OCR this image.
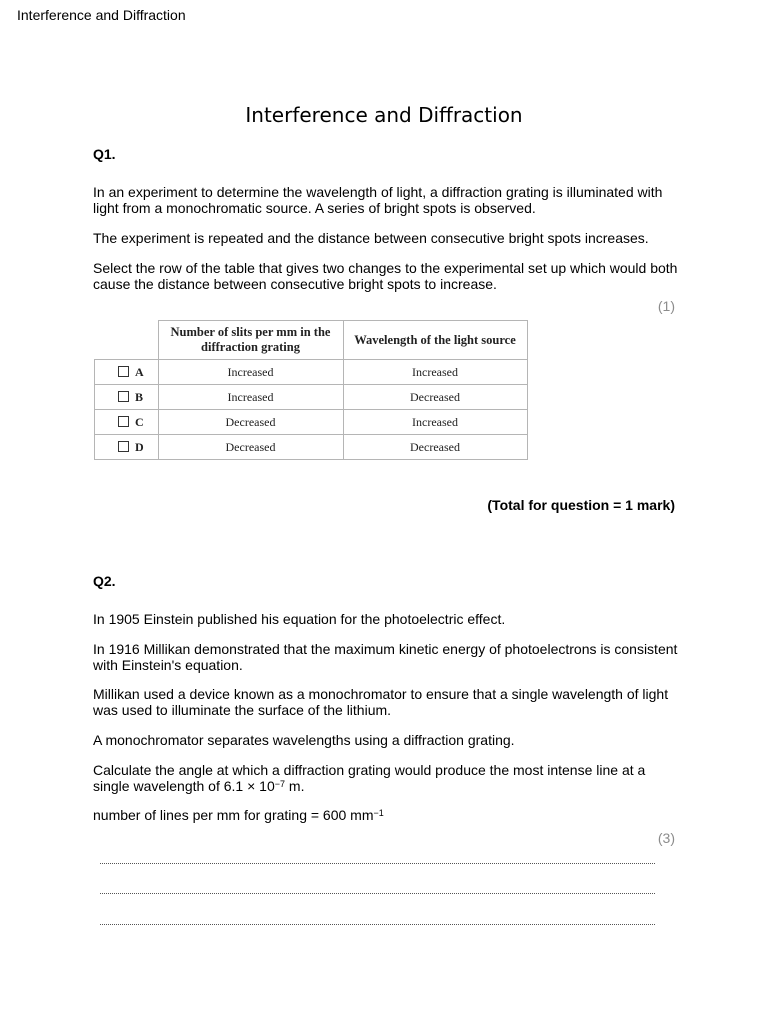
Interference and Diffraction
Interference and Diffraction
Q1.

In an experiment to determine the wavelength of light, a diffraction grating is illuminated with light from a monochromatic source. A series of bright spots is observed.

The experiment is repeated and the distance between consecutive bright spots increases.

Select the row of the table that gives two changes to the experimental set up which would both cause the distance between consecutive bright spots to increase.

(1)
	Number of slits per mm in the diffraction grating	Wavelength of the light source
A	Increased	Increased
B	Increased	Decreased
C	Decreased	Increased
D	Decreased	Decreased
(Total for question = 1 mark)
Q2.

In 1905 Einstein published his equation for the photoelectric effect.

In 1916 Millikan demonstrated that the maximum kinetic energy of photoelectrons is consistent with Einstein's equation.

Millikan used a device known as a monochromator to ensure that a single wavelength of light was used to illuminate the surface of the lithium.

A monochromator separates wavelengths using a diffraction grating.

Calculate the angle at which a diffraction grating would produce the most intense line at a single wavelength of $6.1 \times 10^{-7}$ m.

number of lines per mm for grating = 600 $mm^{-1}$

(3)
